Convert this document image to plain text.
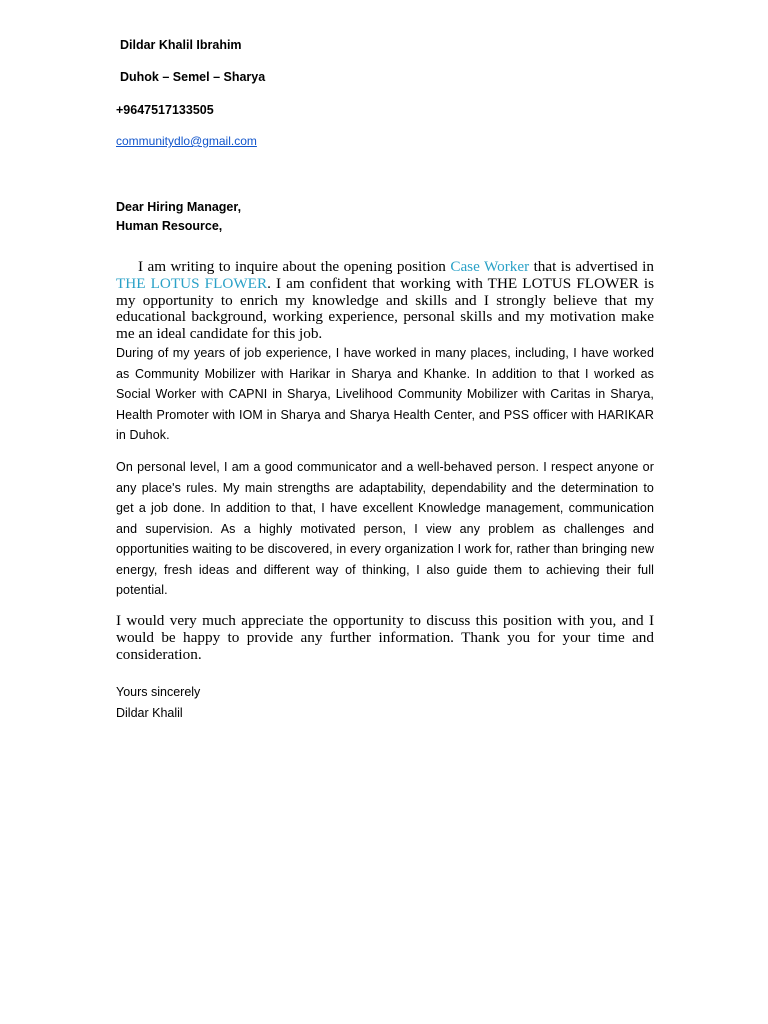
Dildar Khalil Ibrahim
Duhok – Semel – Sharya
+9647517133505
communitydlo@gmail.com
Dear Hiring Manager,
Human Resource,
I am writing to inquire about the opening position Case Worker that is advertised in THE LOTUS FLOWER. I am confident that working with THE LOTUS FLOWER is my opportunity to enrich my knowledge and skills and I strongly believe that my educational background, working experience, personal skills and my motivation make me an ideal candidate for this job.
During of my years of job experience, I have worked in many places, including, I have worked as Community Mobilizer with Harikar in Sharya and Khanke. In addition to that I worked as Social Worker with CAPNI in Sharya, Livelihood Community Mobilizer with Caritas in Sharya, Health Promoter with IOM in Sharya and Sharya Health Center, and PSS officer with HARIKAR in Duhok.
On personal level, I am a good communicator and a well-behaved person. I respect anyone or any place's rules. My main strengths are adaptability, dependability and the determination to get a job done. In addition to that, I have excellent Knowledge management, communication and supervision. As a highly motivated person, I view any problem as challenges and opportunities waiting to be discovered, in every organization I work for, rather than bringing new energy, fresh ideas and different way of thinking, I also guide them to achieving their full potential.
I would very much appreciate the opportunity to discuss this position with you, and I would be happy to provide any further information. Thank you for your time and consideration.
Yours sincerely
Dildar Khalil
